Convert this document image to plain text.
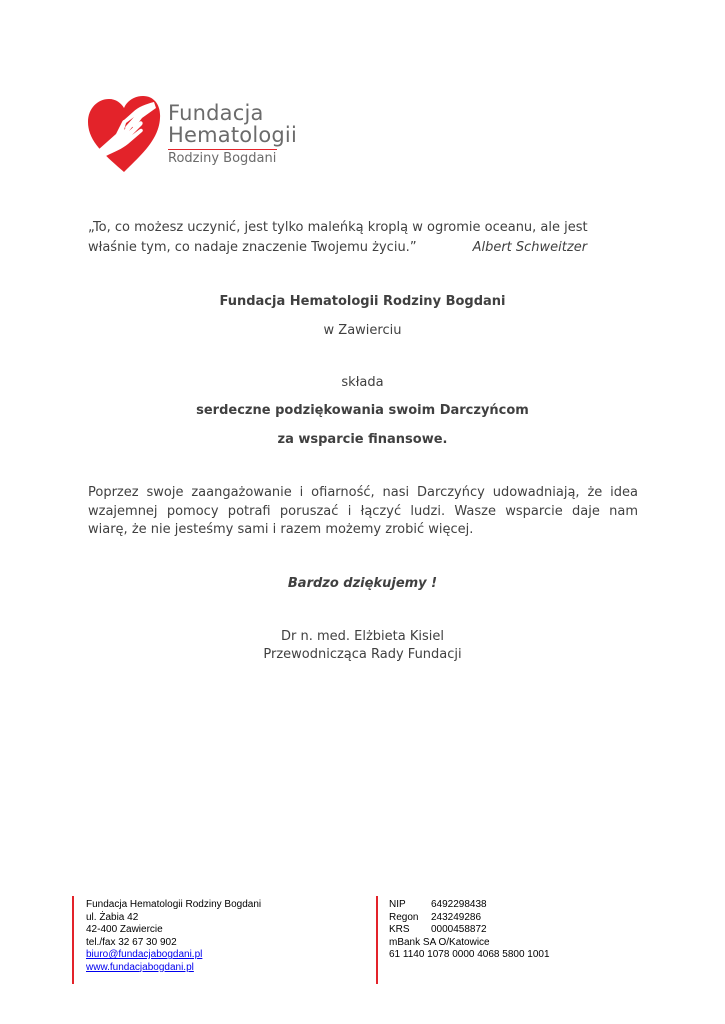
Fundacja
Hematologii
Rodziny Bogdani
„To, co możesz uczynić, jest tylko maleńką kroplą w ogromie oceanu, ale jest
właśnie tym, co nadaje znaczenie Twojemu życiu.”	Albert Schweitzer
Fundacja Hematologii Rodziny Bogdani
w Zawierciu
składa
serdeczne podziękowania swoim Darczyńcom
za wsparcie finansowe.
Poprzez swoje zaangażowanie i ofiarność, nasi Darczyńcy udowadniają, że idea
wzajemnej pomocy potrafi poruszać i łączyć ludzi. Wasze wsparcie daje nam
wiarę, że nie jesteśmy sami i razem możemy zrobić więcej.
Bardzo dziękujemy !
Dr n. med. Elżbieta Kisiel
Przewodnicząca Rady Fundacji
Fundacja Hematologii Rodziny Bogdani
ul. Żabia 42
42-400 Zawiercie
tel./fax 32 67 30 902
biuro@fundacjabogdani.pl
www.fundacjabogdani.pl
NIP	6492298438
Regon	243249286
KRS	0000458872
mBank SA O/Katowice
61 1140 1078 0000 4068 5800 1001
